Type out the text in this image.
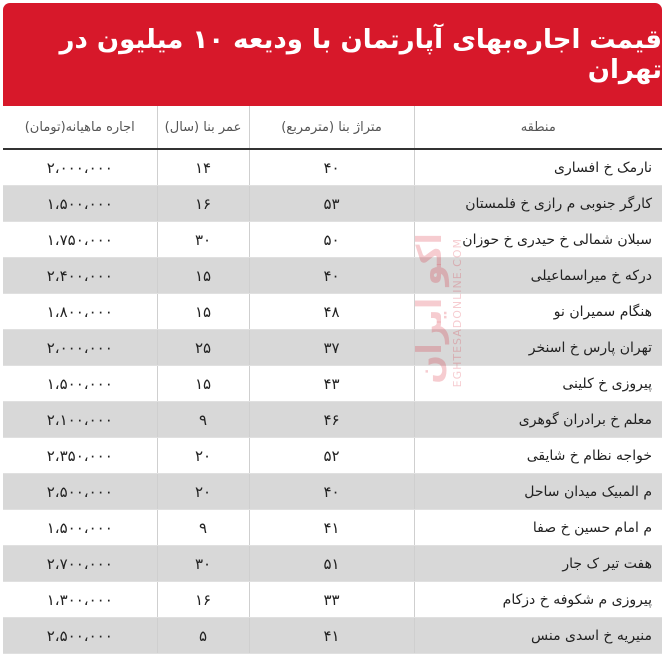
قیمت اجاره‌بهای آپارتمان با ودیعه ۱۰ میلیون در تهران
منطقه	متراژ بنا (مترمربع)	عمر بنا (سال)	اجاره ماهیانه(تومان)
نارمک خ افساری	۴۰	۱۴	۲،۰۰۰،۰۰۰
کارگر جنوبی م رازی خ فلمستان	۵۳	۱۶	۱،۵۰۰،۰۰۰
سبلان شمالی خ حیدری خ حوزان	۵۰	۳۰	۱،۷۵۰،۰۰۰
درکه خ میراسماعیلی	۴۰	۱۵	۲،۴۰۰،۰۰۰
هنگام سمیران نو	۴۸	۱۵	۱،۸۰۰،۰۰۰
تهران پارس خ اسنخر	۳۷	۲۵	۲،۰۰۰،۰۰۰
پیروزی خ کلینی	۴۳	۱۵	۱،۵۰۰،۰۰۰
معلم خ برادران گوهری	۴۶	۹	۲،۱۰۰،۰۰۰
خواجه نظام خ شایقی	۵۲	۲۰	۲،۳۵۰،۰۰۰
م المبیک میدان ساحل	۴۰	۲۰	۲،۵۰۰،۰۰۰
م امام حسین خ صفا	۴۱	۹	۱،۵۰۰،۰۰۰
هفت تیر ک جار	۵۱	۳۰	۲،۷۰۰،۰۰۰
پیروزی م شکوفه خ دزکام	۳۳	۱۶	۱،۳۰۰،۰۰۰
منیریه خ اسدی منس	۴۱	۵	۲،۵۰۰،۰۰۰
اکو ایران EGHTESADONLINE.COM
